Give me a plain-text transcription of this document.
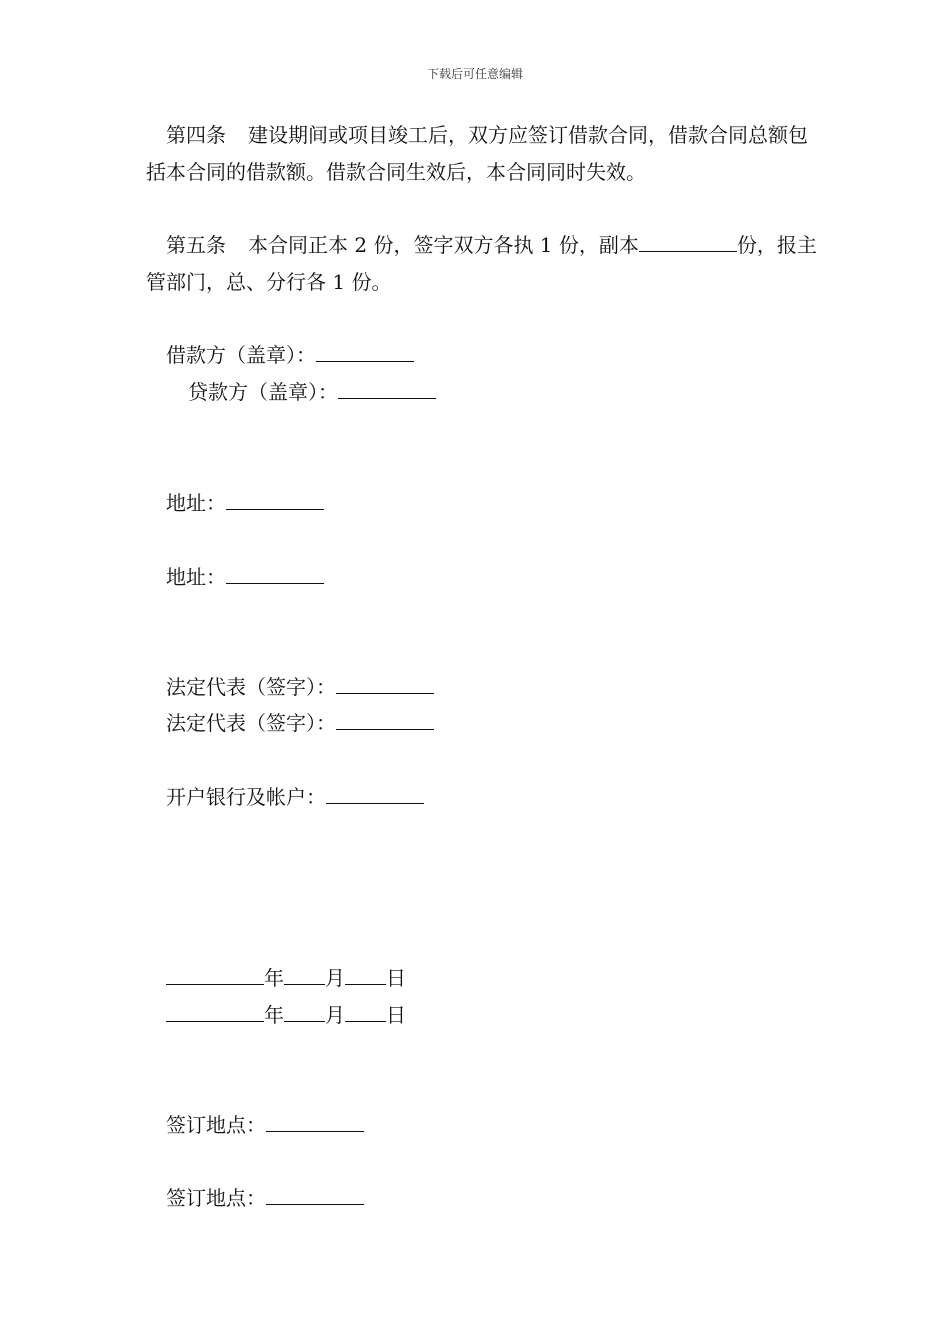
下载后可任意编辑
第四条 建设期间或项目竣工后，双方应签订借款合同，借款合同总额包括本合同的借款额。借款合同生效后，本合同同时失效。
第五条 本合同正本 2 份，签字双方各执 1 份，副本	份，报主管部门，总、分行各 1 份。
借款方（盖章）：
贷款方（盖章）：
地址：
地址：
法定代表（签字）：
法定代表（签字）：
开户银行及帐户：
年 月 日
年 月 日
签订地点：
签订地点：
